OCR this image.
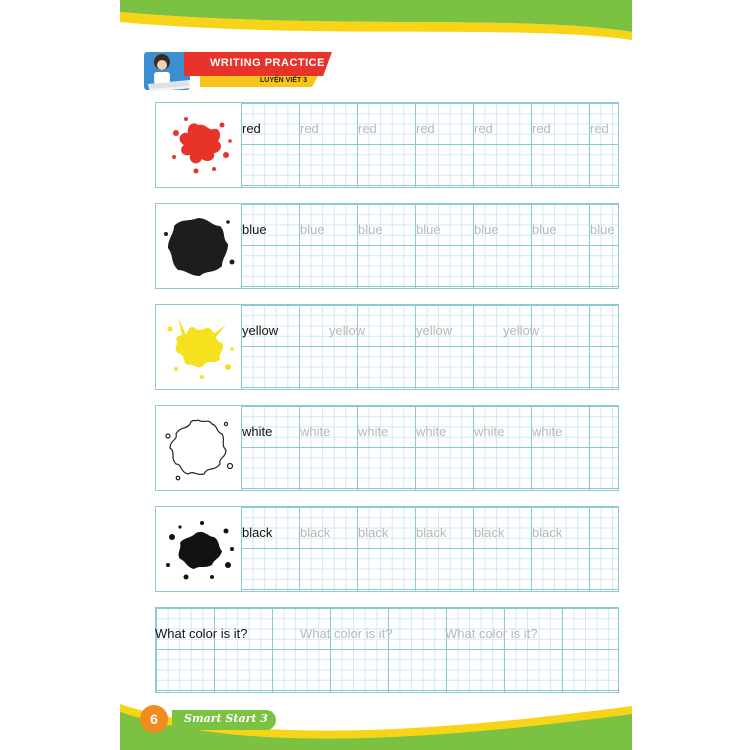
WRITING PRACTICE 3
LUYỆN VIẾT 3
red	red	red	red	red	red	red
blue	blue	blue	blue	blue	blue	blue
yellow	yellow	yellow	yellow
white white white white white white
black black black black black black
What color is it?	What color is it?	What color is it?
6	Smart Start 3
